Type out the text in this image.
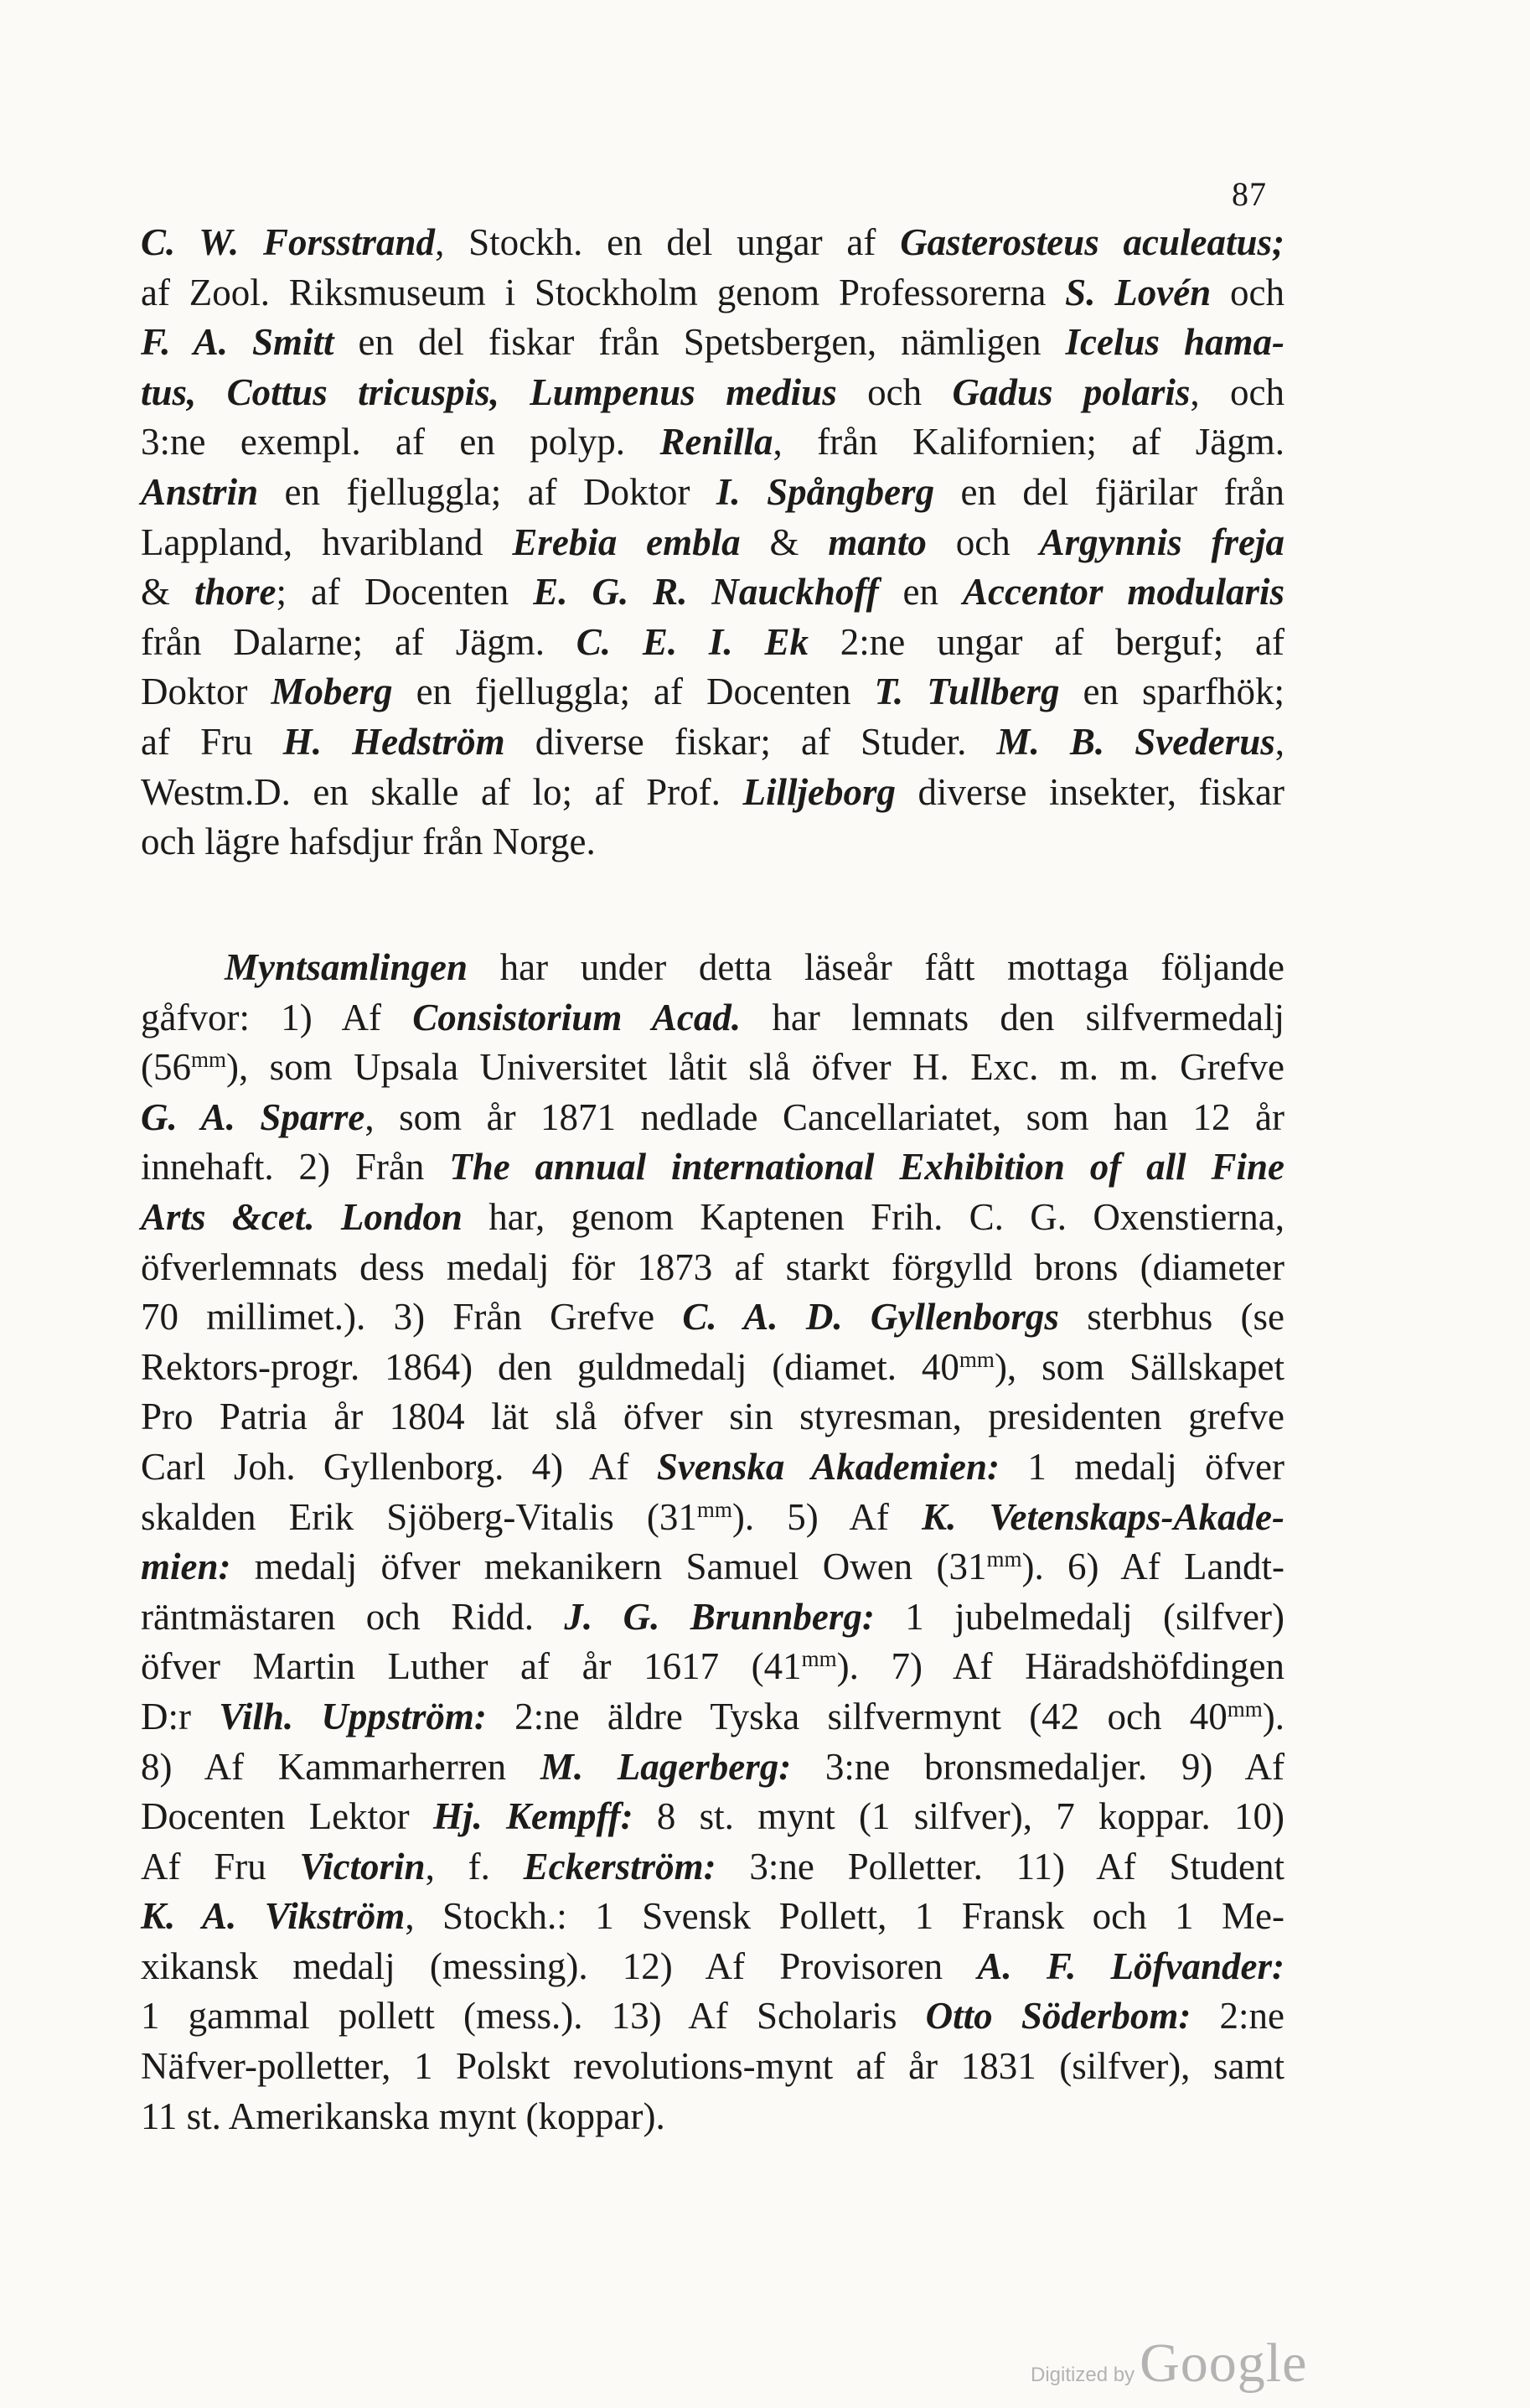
87
C. W. Forsstrand, Stockh. en del ungar af Gasterosteus aculeatus;
af Zool. Riksmuseum i Stockholm genom Professorerna S. Lovén och
F. A. Smitt en del fiskar från Spetsbergen, nämligen Icelus hama-
tus, Cottus tricuspis, Lumpenus medius och Gadus polaris, och
3:ne exempl. af en polyp. Renilla, från Kalifornien; af Jägm.
Anstrin en fjelluggla; af Doktor I. Spångberg en del fjärilar från
Lappland, hvaribland Erebia embla & manto och Argynnis freja
& thore; af Docenten E. G. R. Nauckhoff en Accentor modularis
från Dalarne; af Jägm. C. E. I. Ek 2:ne ungar af berguf; af
Doktor Moberg en fjelluggla; af Docenten T. Tullberg en sparfhök;
af Fru H. Hedström diverse fiskar; af Studer. M. B. Svederus,
Westm.D. en skalle af lo; af Prof. Lilljeborg diverse insekter, fiskar
och lägre hafsdjur från Norge.
Myntsamlingen har under detta läseår fått mottaga följande
gåfvor: 1) Af Consistorium Acad. har lemnats den silfvermedalj
$(56^{mm})$, som Upsala Universitet låtit slå öfver H. Exc. m. m. Grefve
G. A. Sparre, som år 1871 nedlade Cancellariatet, som han 12 år
innehaft. 2) Från The annual international Exhibition of all Fine
Arts &cet. London har, genom Kaptenen Frih. C. G. Oxenstierna,
öfverlemnats dess medalj för 1873 af starkt förgylld brons (diameter
70 millimet.). 3) Från Grefve C. A. D. Gyllenborgs sterbhus (se
Rektors-progr. 1864) den guldmedalj (diamet. $40^{mm}$), som Sällskapet
Pro Patria år 1804 lät slå öfver sin styresman, presidenten grefve
Carl Joh. Gyllenborg. 4) Af Svenska Akademien: 1 medalj öfver
skalden Erik Sjöberg-Vitalis $(31^{mm})$. 5) Af K. Vetenskaps-Akade-
mien: medalj öfver mekanikern Samuel Owen $(31^{mm})$. 6) Af Landt-
räntmästaren och Ridd. J. G. Brunnberg: 1 jubelmedalj (silfver)
öfver Martin Luther af år 1617 $(41^{mm})$. 7) Af Häradshöfdingen
D:r Vilh. Uppström: 2:ne äldre Tyska silfvermynt (42 och $40^{mm}$).
8) Af Kammarherren M. Lagerberg: 3:ne bronsmedaljer. 9) Af
Docenten Lektor Hj. Kempff: 8 st. mynt (1 silfver), 7 koppar. 10)
Af Fru Victorin, f. Eckerström: 3:ne Polletter. 11) Af Student
K. A. Vikström, Stockh.: 1 Svensk Pollett, 1 Fransk och 1 Me-
xikansk medalj (messing). 12) Af Provisoren A. F. Löfvander:
1 gammal pollett (mess.). 13) Af Scholaris Otto Söderbom: 2:ne
Näfver-polletter, 1 Polskt revolutions-mynt af år 1831 (silfver), samt
11 st. Amerikanska mynt (koppar).
Digitized by Google
